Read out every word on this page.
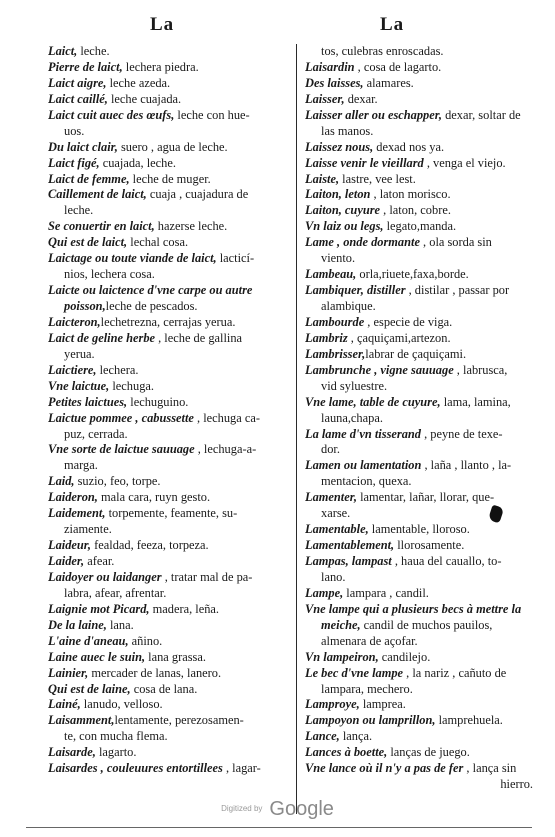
La	La
Laict, leche.
Pierre de laict, lechera piedra.
Laict aigre, leche azeda.
Laict caillé, leche cuajada.
Laict cuit auec des œufs, leche con hue-
uos.
Du laict clair, suero , agua de leche.
Laict figé, cuajada, leche.
Laict de femme, leche de muger.
Caillement de laict, cuaja , cuajadura de
leche.
Se conuertir en laict, hazerse leche.
Qui est de laict, lechal cosa.
Laictage ou toute viande de laict, lacticí-
nios, lechera cosa.
Laicte ou laictence d'vne carpe ou autre
poisson,leche de pescados.
Laicteron,lechetrezna, cerrajas yerua.
Laict de geline herbe , leche de gallina
yerua.
Laictiere, lechera.
Vne laictue, lechuga.
Petites laictues, lechuguino.
Laictue pommee , cabussette , lechuga ca-
puz, cerrada.
Vne sorte de laictue sauuage , lechuga-a-
marga.
Laid, suzio, feo, torpe.
Laideron, mala cara, ruyn gesto.
Laidement, torpemente, feamente, su-
ziamente.
Laideur, fealdad, feeza, torpeza.
Laider, afear.
Laidoyer ou laidanger , tratar mal de pa-
labra, afear, afrentar.
Laignie mot Picard, madera, leña.
De la laine, lana.
L'aine d'aneau, añino.
Laine auec le suin, lana grassa.
Lainier, mercader de lanas, lanero.
Qui est de laine, cosa de lana.
Lainé, lanudo, velloso.
Laisamment,lentamente, perezosamen-
te, con mucha flema.
Laisarde, lagarto.
Laisardes , couleuures entortillees , lagar-
tos, culebras enroscadas.
Laisardin , cosa de lagarto.
Des laisses, alamares.
Laisser, dexar.
Laisser aller ou eschapper, dexar, soltar de
las manos.
Laissez nous, dexad nos ya.
Laisse venir le vieillard , venga el viejo.
Laiste, lastre, vee lest.
Laiton, leton , laton morisco.
Laiton, cuyure , laton, cobre.
Vn laiz ou legs, legato,manda.
Lame , onde dormante , ola sorda sin
viento.
Lambeau, orla,riuete,faxa,borde.
Lambiquer, distiller , distilar , passar por
alambique.
Lambourde , especie de viga.
Lambriz , çaquiçami,artezon.
Lambrisser,labrar de çaquiçami.
Lambrunche , vigne sauuage , labrusca,
vid syluestre.
Vne lame, table de cuyure, lama, lamina,
launa,chapa.
La lame d'vn tisserand , peyne de texe-
dor.
Lamen ou lamentation , laña , llanto , la-
mentacion, quexa.
Lamenter, lamentar, lañar, llorar, que-
xarse.
Lamentable, lamentable, lloroso.
Lamentablement, llorosamente.
Lampas, lampast , haua del cauallo, to-
lano.
Lampe, lampara , candil.
Vne lampe qui a plusieurs becs à mettre la
meiche, candil de muchos pauilos,
almenara de açofar.
Vn lampeiron, candilejo.
Le bec d'vne lampe , la nariz , cañuto de
lampara, mechero.
Lamproye, lamprea.
Lampoyon ou lamprillon, lamprehuela.
Lance, lança.
Lances à boette, lanças de juego.
Vne lance où il n'y a pas de fer , lança sin
hierro.
$^{Digitized by}$ Google
